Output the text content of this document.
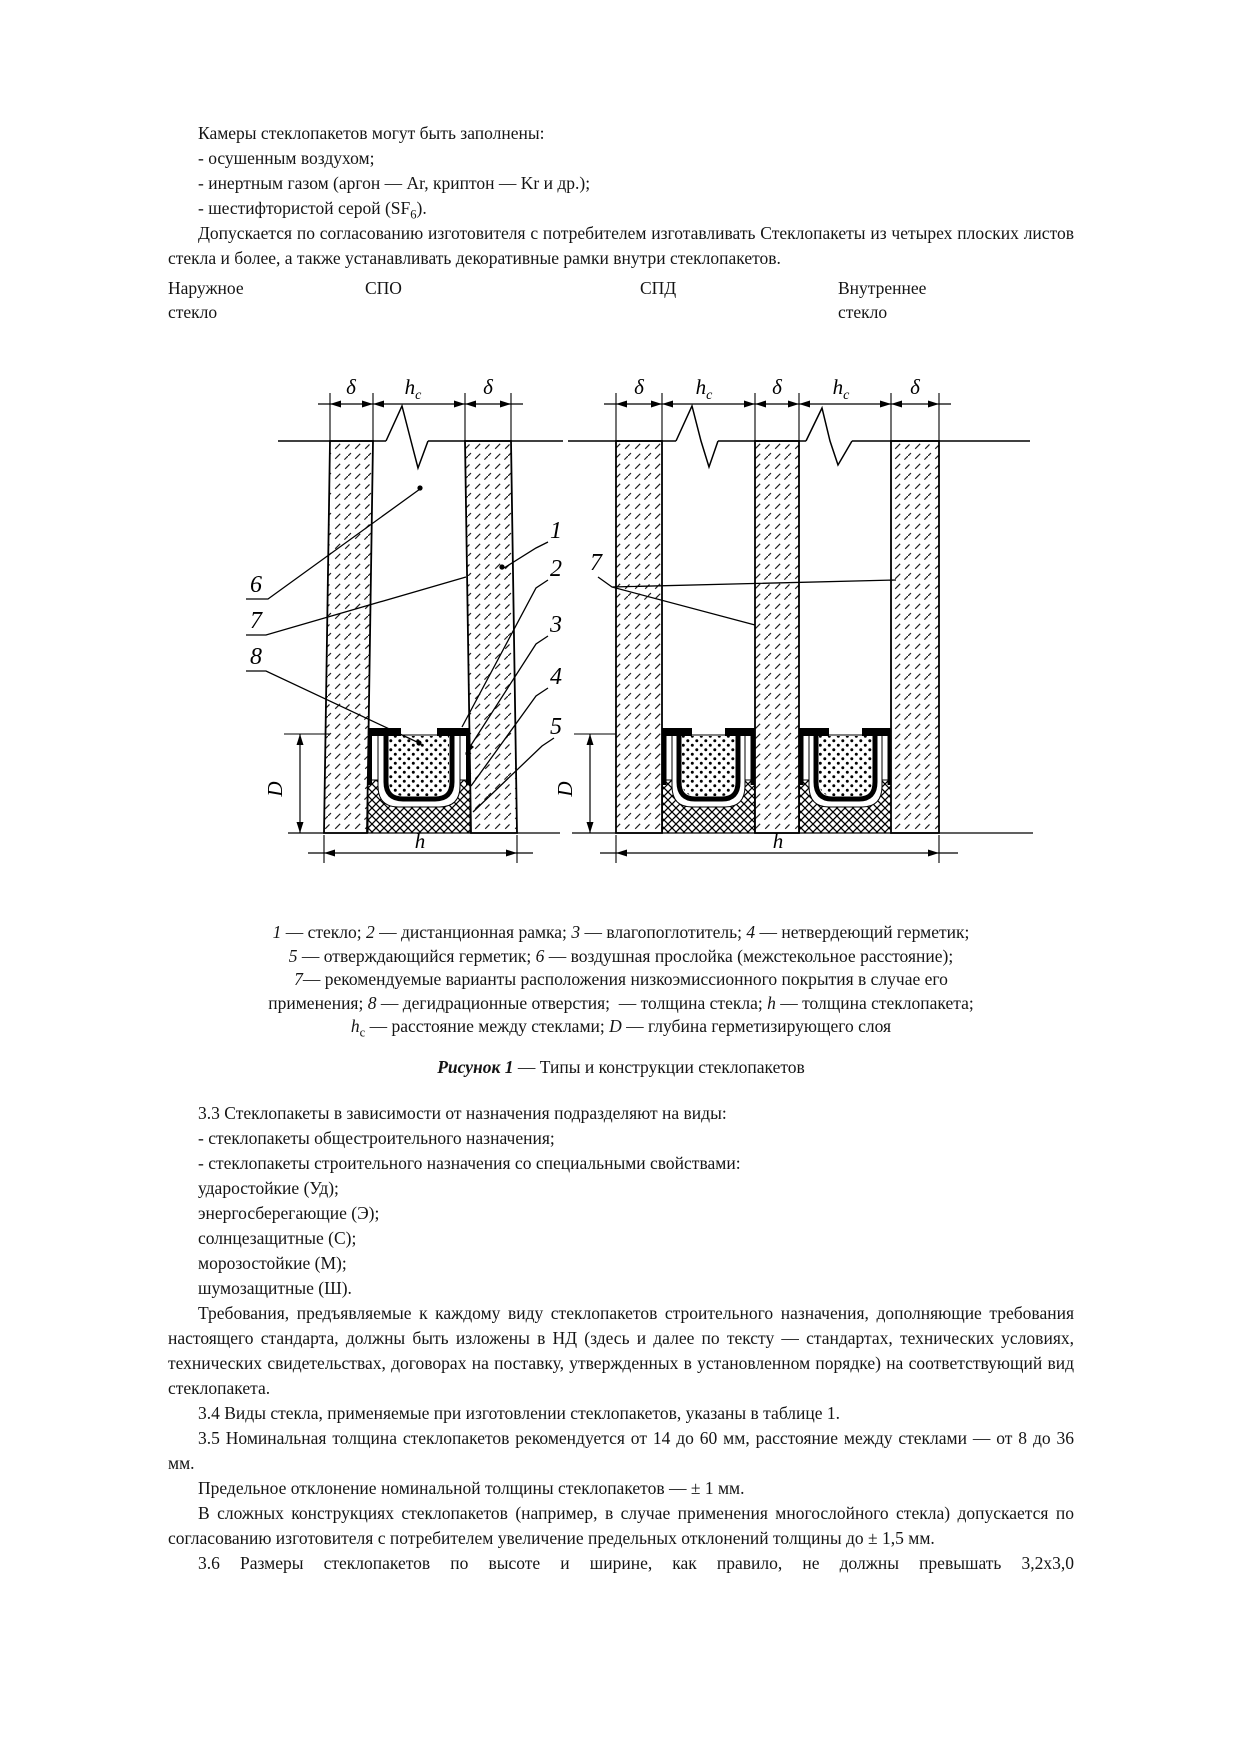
Камеры стеклопакетов могут быть заполнены:

- осушенным воздухом;

- инертным газом (аргон — Ar, криптон — Kr и др.);

- шестифтористой серой $(SF_6)$.

Допускается по согласованию изготовителя с потребителем изготавливать Стеклопакеты из четырех плоских листов стекла и более, а также устанавливать декоративные рамки внутри стеклопакетов.

Наружное стекло
СПО	СПД	Внутреннее стекло
δ $h_c$	δ
D
h
6
7
8
1
2
3
4
5
δ $h_c$	δ $h_c$	δ
D
h
7
1 — стекло; 2 — дистанционная рамка; 3 — влагопоглотитель; 4 — нетвердеющий герметик;
5 — отверждающийся герметик; 6 — воздушная прослойка (межстекольное расстояние);
7— рекомендуемые варианты расположения низкоэмиссионного покрытия в случае его
применения; 8 — дегидрационные отверстия;  — толщина стекла; h — толщина стеклопакета;
$h_c$ — расстояние между стеклами; D — глубина герметизирующего слоя

Рисунок 1 — Типы и конструкции стеклопакетов

3.3 Стеклопакеты в зависимости от назначения подразделяют на виды:

- стеклопакеты общестроительного назначения;

- стеклопакеты строительного назначения со специальными свойствами:

ударостойкие (Уд);

энергосберегающие (Э);

солнцезащитные (С);

морозостойкие (М);

шумозащитные (Ш).

Требования, предъявляемые к каждому виду стеклопакетов строительного назначения, дополняющие требования настоящего стандарта, должны быть изложены в НД (здесь и далее по тексту — стандартах, технических условиях, технических свидетельствах, договорах на поставку, утвержденных в установленном порядке) на соответствующий вид стеклопакета.

3.4 Виды стекла, применяемые при изготовлении стеклопакетов, указаны в таблице 1.

3.5 Номинальная толщина стеклопакетов рекомендуется от 14 до 60 мм, расстояние между стеклами — от 8 до 36 мм.

Предельное отклонение номинальной толщины стеклопакетов — ± 1 мм.

В сложных конструкциях стеклопакетов (например, в случае применения многослойного стекла) допускается по согласованию изготовителя с потребителем увеличение предельных отклонений толщины до ± 1,5 мм.

3.6 Размеры стеклопакетов по высоте и ширине, как правило, не должны превышать 3,2х3,0
